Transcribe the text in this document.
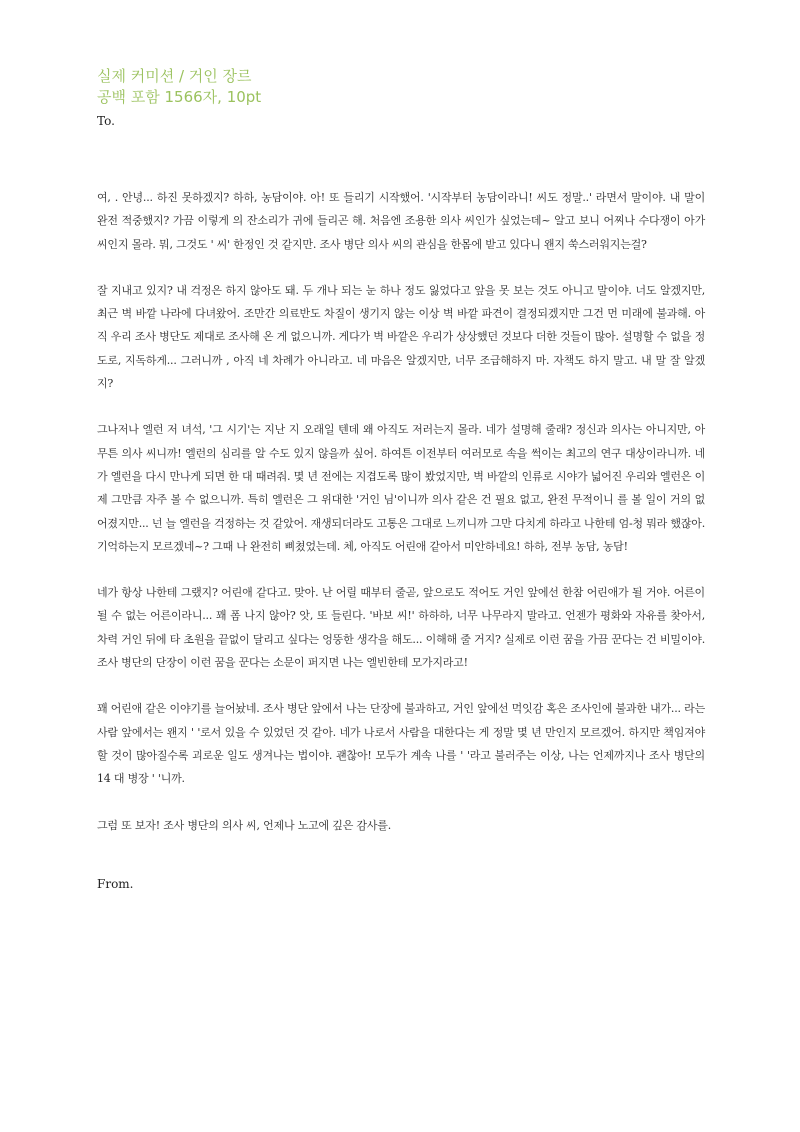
실제 커미션 / 거인 장르
공백 포함 1566자, 10pt
To.

여, . 안녕... 하진 못하겠지? 하하, 농담이야. 아! 또 들리기 시작했어. '시작부터 농담이라니! 씨도 정말..' 라면서 말이야. 내 말이 완전 적중했지? 가끔 이렇게 의 잔소리가 귀에 들리곤 해. 처음엔 조용한 의사 씨인가 싶었는데~ 알고 보니 어찌나 수다쟁이 아가씨인지 몰라. 뭐, 그것도 ' 씨' 한정인 것 같지만. 조사 병단 의사 씨의 관심을 한몸에 받고 있다니 왠지 쑥스러워지는걸?

잘 지내고 있지? 내 걱정은 하지 않아도 돼. 두 개나 되는 눈 하나 정도 잃었다고 앞을 못 보는 것도 아니고 말이야. 너도 알겠지만, 최근 벽 바깥 나라에 다녀왔어. 조만간 의료반도 차질이 생기지 않는 이상 벽 바깥 파견이 결정되겠지만 그건 먼 미래에 불과해. 아직 우리 조사 병단도 제대로 조사해 온 게 없으니까. 게다가 벽 바깥은 우리가 상상했던 것보다 더한 것들이 많아. 설명할 수 없을 정도로, 지독하게... 그러니까 , 아직 네 차례가 아니라고. 네 마음은 알겠지만, 너무 조급해하지 마. 자책도 하지 말고. 내 말 잘 알겠지?

그나저나 엘런 저 녀석, '그 시기'는 지난 지 오래일 텐데 왜 아직도 저러는지 몰라. 네가 설명해 줄래? 정신과 의사는 아니지만, 아무튼 의사 씨니까! 엘런의 심리를 알 수도 있지 않을까 싶어. 하여튼 이전부터 여러모로 속을 썩이는 최고의 연구 대상이라니까. 네가 엘런을 다시 만나게 되면 한 대 때려줘. 몇 년 전에는 지겹도록 많이 봤었지만, 벽 바깥의 인류로 시야가 넓어진 우리와 엘런은 이제 그만큼 자주 볼 수 없으니까. 특히 엘런은 그 위대한 '거인 님'이니까 의사 같은 건 필요 없고, 완전 무적이니 를 볼 일이 거의 없어졌지만... 넌 늘 엘런을 걱정하는 것 같았어. 재생되더라도 고통은 그대로 느끼니까 그만 다치게 하라고 나한테 엄-청 뭐라 했잖아. 기억하는지 모르겠네~? 그때 나 완전히 삐쳤었는데. 체, 아직도 어린애 같아서 미안하네요! 하하, 전부 농담, 농담!

네가 항상 나한테 그랬지? 어린애 같다고. 맞아. 난 어릴 때부터 줄곧, 앞으로도 적어도 거인 앞에선 한참 어린애가 될 거야. 어른이 될 수 없는 어른이라니... 꽤 폼 나지 않아? 앗, 또 들린다. '바보 씨!' 하하하, 너무 나무라지 말라고. 언젠가 평화와 자유를 찾아서, 차력 거인 뒤에 타 초원을 끝없이 달리고 싶다는 엉뚱한 생각을 해도... 이해해 줄 거지? 실제로 이런 꿈을 가끔 꾼다는 건 비밀이야. 조사 병단의 단장이 이런 꿈을 꾼다는 소문이 퍼지면 나는 엘빈한테 모가지라고!

꽤 어린애 같은 이야기를 늘어놨네. 조사 병단 앞에서 나는 단장에 불과하고, 거인 앞에선 먹잇감 혹은 조사인에 불과한 내가... 라는 사람 앞에서는 왠지 ' '로서 있을 수 있었던 것 같아. 네가 나로서 사람을 대한다는 게 정말 몇 년 만인지 모르겠어. 하지만 책임져야 할 것이 많아질수록 괴로운 일도 생겨나는 법이야. 괜찮아! 모두가 계속 나를 ' '라고 불러주는 이상, 나는 언제까지나 조사 병단의 14 대 병장 ' '니까.

그럼 또 보자! 조사 병단의 의사 씨, 언제나 노고에 깊은 감사를.

From.
